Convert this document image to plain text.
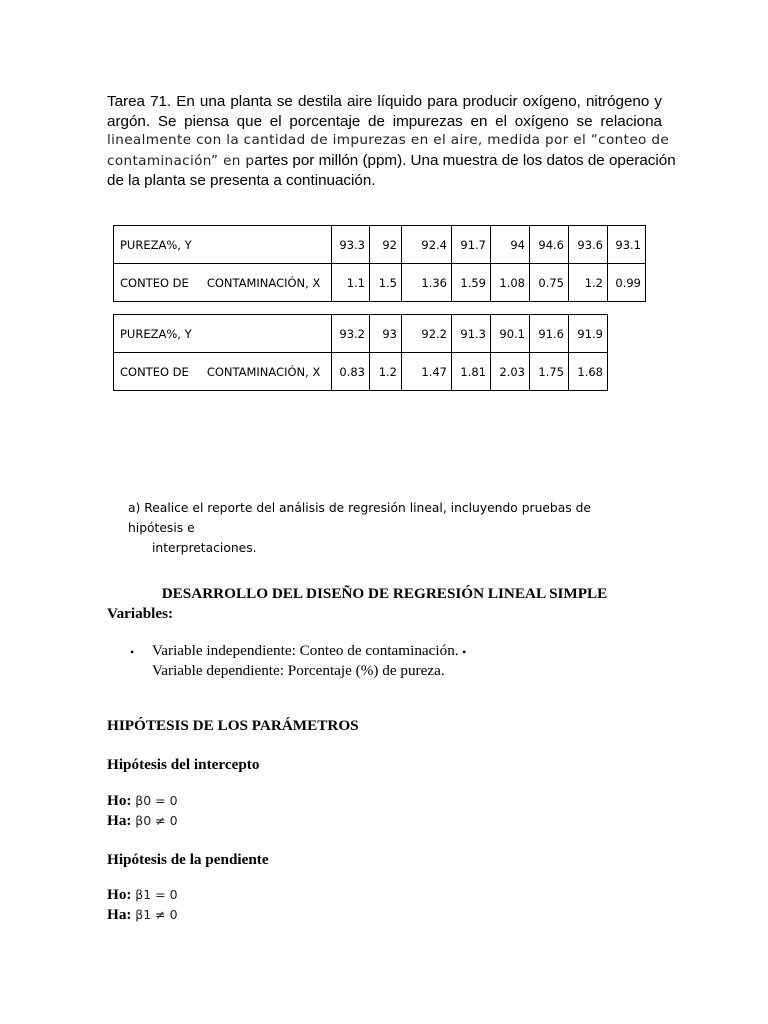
Tarea 71. En una planta se destila aire líquido para producir oxígeno, nitrógeno y
argón. Se piensa que el porcentaje de impurezas en el oxígeno se relaciona
linealmente con la cantidad de impurezas en el aire, medida por el “conteo de
contaminación” en partes por millón (ppm). Una muestra de los datos de operación
de la planta se presenta a continuación.
PUREZA%, Y	93.3	92	92.4	91.7	94	94.6	93.6	93.1
CONTEO DE CONTAMINACIÓN, X	1.1	1.5	1.36	1.59	1.08	0.75	1.2	0.99
PUREZA%, Y	93.2	93	92.2	91.3	90.1	91.6	91.9
CONTEO DE CONTAMINACIÓN, X	0.83	1.2	1.47	1.81	2.03	1.75	1.68
a) Realice el reporte del análisis de regresión lineal, incluyendo pruebas de hipótesis e
interpretaciones.
DESARROLLO DEL DISEÑO DE REGRESIÓN LINEAL SIMPLE
Variables:
• Variable independiente: Conteo de contaminación. •
Variable dependiente: Porcentaje (%) de pureza.
HIPÓTESIS DE LOS PARÁMETROS
Hipótesis del intercepto
Ho: β0 = 0
Ha: β0 ≠ 0
Hipótesis de la pendiente
Ho: β1 = 0
Ha: β1 ≠ 0
